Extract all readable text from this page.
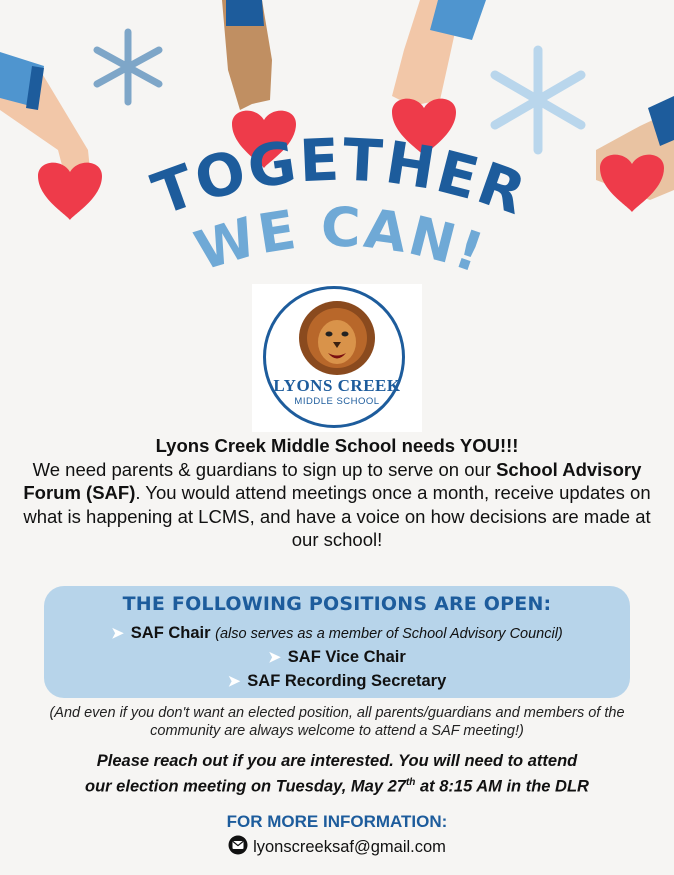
TOGETHER
WE CAN!
LYONS CREEK
MIDDLE SCHOOL
Lyons Creek Middle School needs YOU!!!
We need parents & guardians to sign up to serve on our School Advisory Forum (SAF). You would attend meetings once a month, receive updates on what is happening at LCMS, and have a voice on how decisions are made at our school!
THE FOLLOWING POSITIONS ARE OPEN:
➤ SAF Chair (also serves as a member of School Advisory Council)
➤ SAF Vice Chair
➤ SAF Recording Secretary
(And even if you don't want an elected position, all parents/guardians and members of the community are always welcome to attend a SAF meeting!)
Please reach out if you are interested. You will need to attend
our election meeting on Tuesday, May 27th at 8:15 AM in the DLR
FOR MORE INFORMATION:
lyonscreeksaf@gmail.com
